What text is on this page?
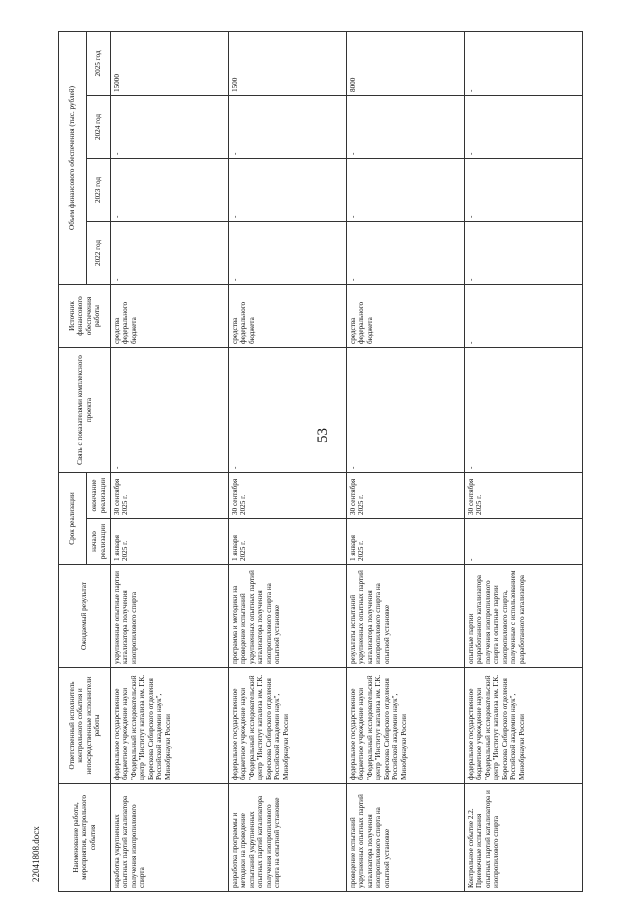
53
22041808.docx	Наименование работы, мероприятия, контрольного события	Ответственный исполнитель контрольного события и непосредственные исполнители работы	Ожидаемый результат	Срок реализации		Связь с показателями комплексного проекта	Источник финансового обеспечения работы	Объем финансового обеспечения (тыс. рублей)			
			начало реализации	окончание реализации			2022 год	2023 год	2024 год	2025 год
наработка укрупненных опытных партий катализатора получения изопропилового спирта	федеральное государственное бюджетное учреждение науки "Федеральный исследовательский центр "Институт катализа им. Г.К. Борескова Сибирского отделения Российской академии наук", Минобрнауки России	укрупненные опытные партии катализатора получения изопропилового спирта	1 января 2025 г.	30 сентября 2025 г.	-	средства федерального бюджета	-	-	-	15000
разработка программы и методики на проведение испытаний укрупненных опытных партий катализатора получения изопропилового спирта на опытной установке	федеральное государственное бюджетное учреждение науки "Федеральный исследовательский центр "Институт катализа им. Г.К. Борескова Сибирского отделения Российской академии наук", Минобрнауки России	программа и методики на проведение испытаний укрупненных опытных партий катализатора получения изопропилового спирта на опытной установке	1 января 2025 г.	30 сентября 2025 г.	-	средства федерального бюджета	-	-	-	1500
проведение испытаний укрупненных опытных партий катализатора получения изопропилового спирта на опытной установке	федеральное государственное бюджетное учреждение науки "Федеральный исследовательский центр "Институт катализа им. Г.К. Борескова Сибирского отделения Российской академии наук", Минобрнауки России	результаты испытаний укрупненных опытных партий катализатора получения изопропилового спирта на опытной установке	1 января 2025 г.	30 сентября 2025 г.	-	средства федерального бюджета	-	-	-	8000
Контрольное событие 2.2. Приемочные испытания опытных партий катализатора и изопропилового спирта	федеральное государственное бюджетное учреждение науки "Федеральный исследовательский центр "Институт катализа им. Г.К. Борескова Сибирского отделения Российской академии наук", Минобрнауки России	опытные партии разработанного катализатора получения изопропилового спирта и опытные партии изопропилового спирта, полученные с использованием разработанного катализатора	-	30 сентября 2025 г.	-	-	-	-	-	-
